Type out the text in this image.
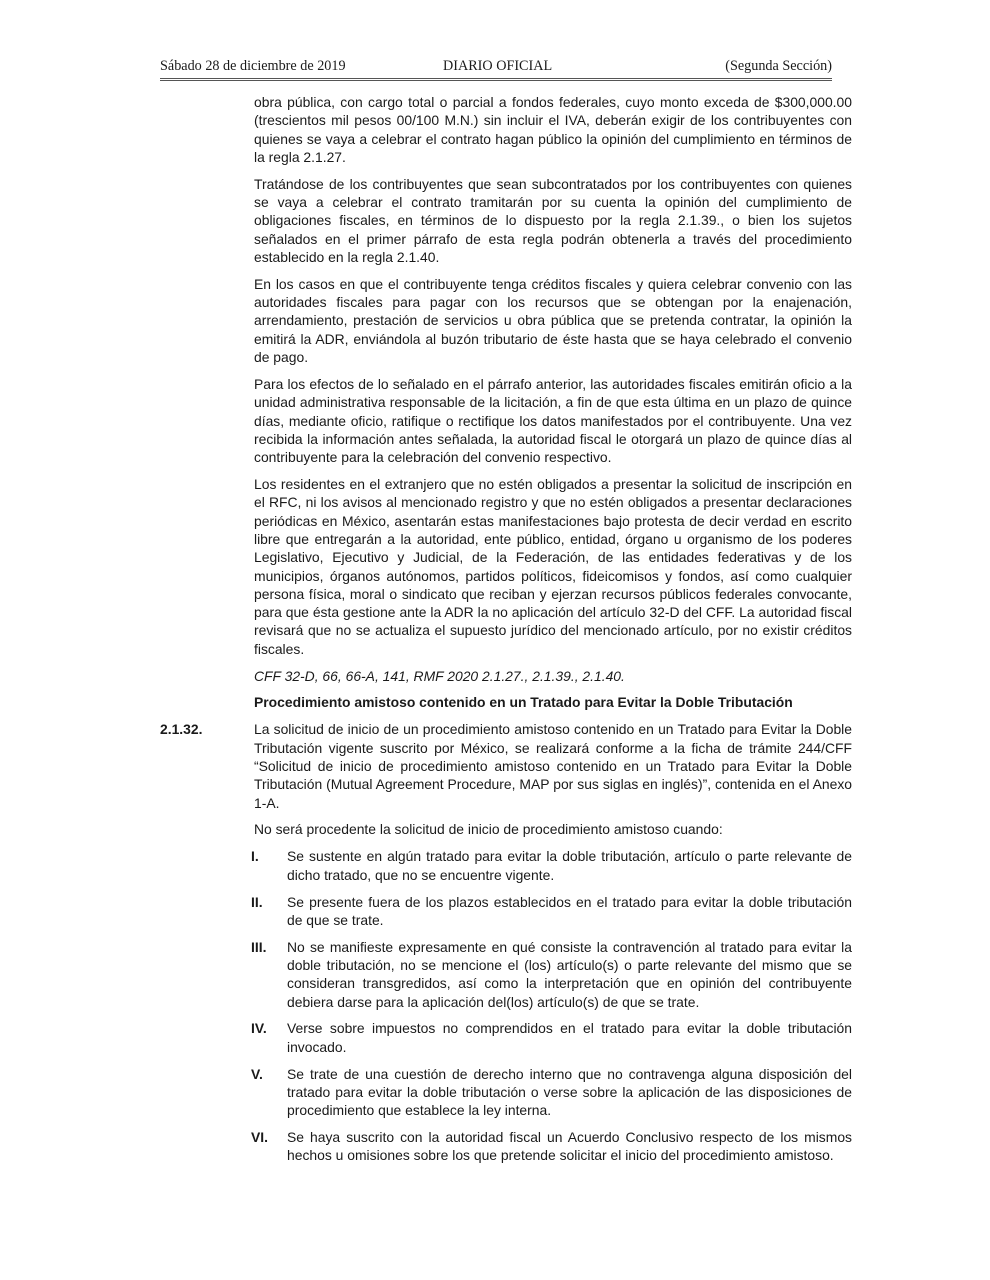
Sábado 28 de diciembre de 2019	DIARIO OFICIAL	(Segunda Sección)

obra pública, con cargo total o parcial a fondos federales, cuyo monto exceda de $300,000.00 (trescientos mil pesos 00/100 M.N.) sin incluir el IVA, deberán exigir de los contribuyentes con quienes se vaya a celebrar el contrato hagan público la opinión del cumplimiento en términos de la regla 2.1.27.

Tratándose de los contribuyentes que sean subcontratados por los contribuyentes con quienes se vaya a celebrar el contrato tramitarán por su cuenta la opinión del cumplimiento de obligaciones fiscales, en términos de lo dispuesto por la regla 2.1.39., o bien los sujetos señalados en el primer párrafo de esta regla podrán obtenerla a través del procedimiento establecido en la regla 2.1.40.

En los casos en que el contribuyente tenga créditos fiscales y quiera celebrar convenio con las autoridades fiscales para pagar con los recursos que se obtengan por la enajenación, arrendamiento, prestación de servicios u obra pública que se pretenda contratar, la opinión la emitirá la ADR, enviándola al buzón tributario de éste hasta que se haya celebrado el convenio de pago.

Para los efectos de lo señalado en el párrafo anterior, las autoridades fiscales emitirán oficio a la unidad administrativa responsable de la licitación, a fin de que esta última en un plazo de quince días, mediante oficio, ratifique o rectifique los datos manifestados por el contribuyente. Una vez recibida la información antes señalada, la autoridad fiscal le otorgará un plazo de quince días al contribuyente para la celebración del convenio respectivo.

Los residentes en el extranjero que no estén obligados a presentar la solicitud de inscripción en el RFC, ni los avisos al mencionado registro y que no estén obligados a presentar declaraciones periódicas en México, asentarán estas manifestaciones bajo protesta de decir verdad en escrito libre que entregarán a la autoridad, ente público, entidad, órgano u organismo de los poderes Legislativo, Ejecutivo y Judicial, de la Federación, de las entidades federativas y de los municipios, órganos autónomos, partidos políticos, fideicomisos y fondos, así como cualquier persona física, moral o sindicato que reciban y ejerzan recursos públicos federales convocante, para que ésta gestione ante la ADR la no aplicación del artículo 32-D del CFF. La autoridad fiscal revisará que no se actualiza el supuesto jurídico del mencionado artículo, por no existir créditos fiscales.

CFF 32-D, 66, 66-A, 141, RMF 2020 2.1.27., 2.1.39., 2.1.40.

Procedimiento amistoso contenido en un Tratado para Evitar la Doble Tributación

2.1.32.	La solicitud de inicio de un procedimiento amistoso contenido en un Tratado para Evitar la Doble Tributación vigente suscrito por México, se realizará conforme a la ficha de trámite 244/CFF “Solicitud de inicio de procedimiento amistoso contenido en un Tratado para Evitar la Doble Tributación (Mutual Agreement Procedure, MAP por sus siglas en inglés)”, contenida en el Anexo 1-A.

No será procedente la solicitud de inicio de procedimiento amistoso cuando:

I. Se sustente en algún tratado para evitar la doble tributación, artículo o parte relevante de dicho tratado, que no se encuentre vigente.
II. Se presente fuera de los plazos establecidos en el tratado para evitar la doble tributación de que se trate.
III. No se manifieste expresamente en qué consiste la contravención al tratado para evitar la doble tributación, no se mencione el (los) artículo(s) o parte relevante del mismo que se consideran transgredidos, así como la interpretación que en opinión del contribuyente debiera darse para la aplicación del(los) artículo(s) de que se trate.
IV. Verse sobre impuestos no comprendidos en el tratado para evitar la doble tributación invocado.
V. Se trate de una cuestión de derecho interno que no contravenga alguna disposición del tratado para evitar la doble tributación o verse sobre la aplicación de las disposiciones de procedimiento que establece la ley interna.
VI. Se haya suscrito con la autoridad fiscal un Acuerdo Conclusivo respecto de los mismos hechos u omisiones sobre los que pretende solicitar el inicio del procedimiento amistoso.
